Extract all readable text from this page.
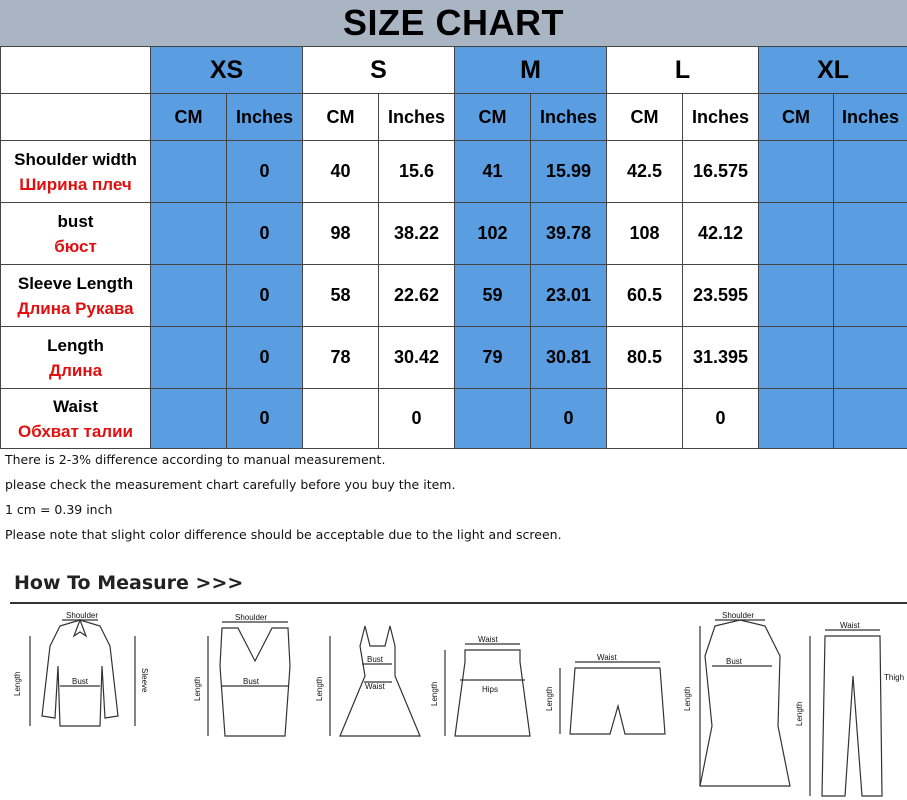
SIZE CHART
	XS		S		M		L		XL	
	CM	Inches	CM	Inches	CM	Inches	CM	Inches	CM	Inches

Shoulder width
Ширина плеч		0	40	15.6	41	15.99	42.5	16.575		

bust
бюст		0	98	38.22	102	39.78	108	42.12		

Sleeve Length
Длина Рукава		0	58	22.62	59	23.01	60.5	23.595		

Length
Длина		0	78	30.42	79	30.81	80.5	31.395		

Waist
Обхват талии		0		0		0		0		
There is 2-3% difference according to manual measurement.
please check the measurement chart carefully before you buy the item.
1 cm = 0.39 inch
Please note that slight color difference should be acceptable due to the light and screen.
How To Measure >>>
Shoulder
Bust
Length	Sleeve
Shoulder
Bust
Length
Bust
Waist
Length
Waist
Hips
Length
Waist
Length
Shoulder
Bust
Length
Waist
Thigh
Length
